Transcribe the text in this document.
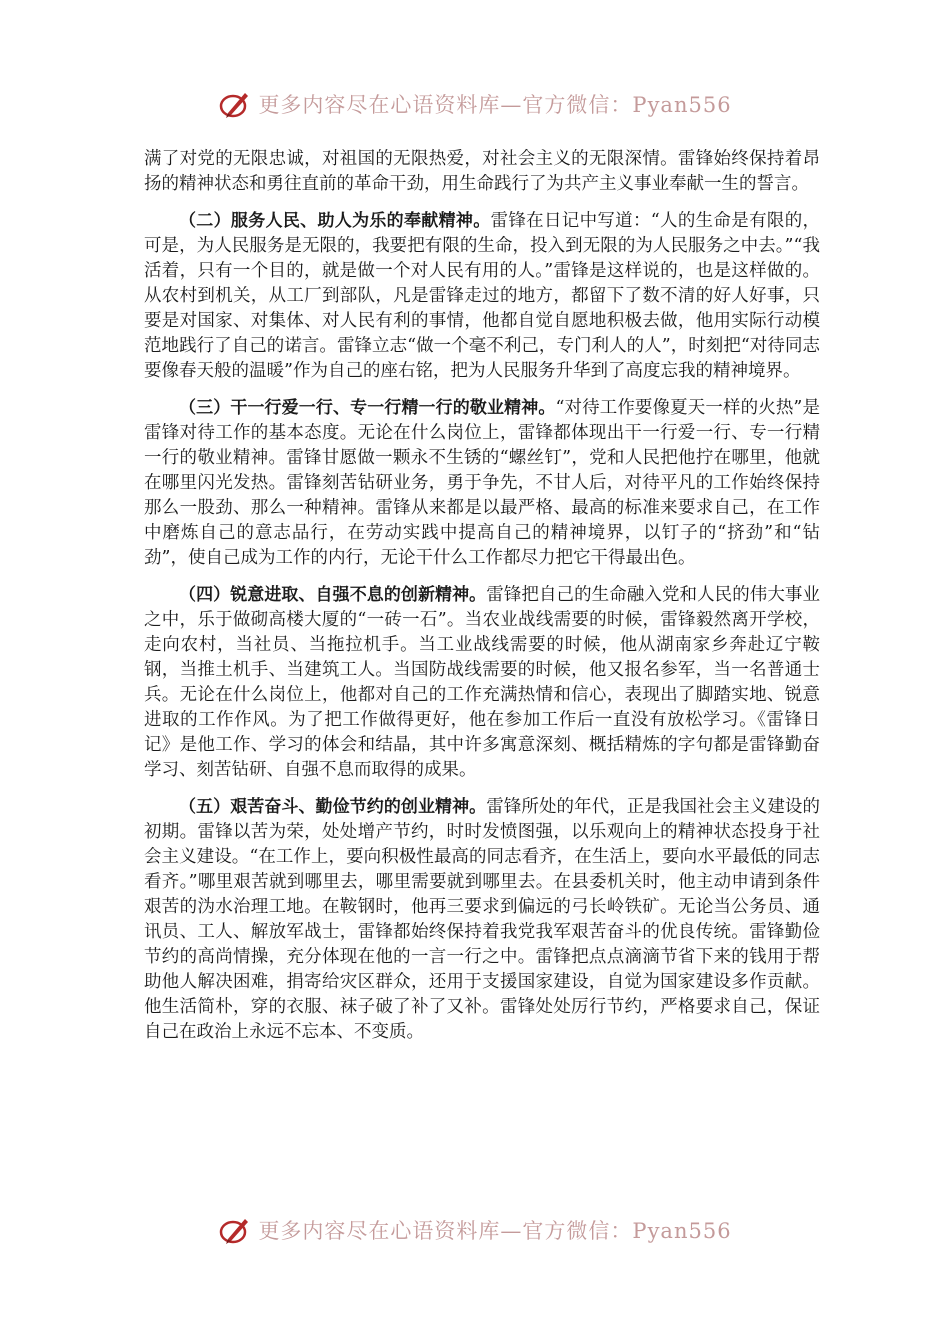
更多内容尽在心语资料库—官方微信：Pyan556

满了对党的无限忠诚，对祖国的无限热爱，对社会主义的无限深情。雷锋始终保持着昂扬的精神状态和勇往直前的革命干劲，用生命践行了为共产主义事业奉献一生的誓言。

（二）服务人民、助人为乐的奉献精神。雷锋在日记中写道：“人的生命是有限的，可是，为人民服务是无限的，我要把有限的生命，投入到无限的为人民服务之中去。”“我活着，只有一个目的，就是做一个对人民有用的人。”雷锋是这样说的，也是这样做的。从农村到机关，从工厂到部队，凡是雷锋走过的地方，都留下了数不清的好人好事，只要是对国家、对集体、对人民有利的事情，他都自觉自愿地积极去做，他用实际行动模范地践行了自己的诺言。雷锋立志“做一个毫不利己，专门利人的人”，时刻把“对待同志要像春天般的温暖”作为自己的座右铭，把为人民服务升华到了高度忘我的精神境界。

（三）干一行爱一行、专一行精一行的敬业精神。“对待工作要像夏天一样的火热”是雷锋对待工作的基本态度。无论在什么岗位上，雷锋都体现出干一行爱一行、专一行精一行的敬业精神。雷锋甘愿做一颗永不生锈的“螺丝钉”，党和人民把他拧在哪里，他就在哪里闪光发热。雷锋刻苦钻研业务，勇于争先，不甘人后，对待平凡的工作始终保持那么一股劲、那么一种精神。雷锋从来都是以最严格、最高的标准来要求自己，在工作中磨炼自己的意志品行，在劳动实践中提高自己的精神境界，以钉子的“挤劲”和“钻劲”，使自己成为工作的内行，无论干什么工作都尽力把它干得最出色。

（四）锐意进取、自强不息的创新精神。雷锋把自己的生命融入党和人民的伟大事业之中，乐于做砌高楼大厦的“一砖一石”。当农业战线需要的时候，雷锋毅然离开学校，走向农村，当社员、当拖拉机手。当工业战线需要的时候，他从湖南家乡奔赴辽宁鞍钢，当推土机手、当建筑工人。当国防战线需要的时候，他又报名参军，当一名普通士兵。无论在什么岗位上，他都对自己的工作充满热情和信心，表现出了脚踏实地、锐意进取的工作作风。为了把工作做得更好，他在参加工作后一直没有放松学习。《雷锋日记》是他工作、学习的体会和结晶，其中许多寓意深刻、概括精炼的字句都是雷锋勤奋学习、刻苦钻研、自强不息而取得的成果。

（五）艰苦奋斗、勤俭节约的创业精神。雷锋所处的年代，正是我国社会主义建设的初期。雷锋以苦为荣，处处增产节约，时时发愤图强，以乐观向上的精神状态投身于社会主义建设。“在工作上，要向积极性最高的同志看齐，在生活上，要向水平最低的同志看齐。”哪里艰苦就到哪里去，哪里需要就到哪里去。在县委机关时，他主动申请到条件艰苦的沩水治理工地。在鞍钢时，他再三要求到偏远的弓长岭铁矿。无论当公务员、通讯员、工人、解放军战士，雷锋都始终保持着我党我军艰苦奋斗的优良传统。雷锋勤俭节约的高尚情操，充分体现在他的一言一行之中。雷锋把点点滴滴节省下来的钱用于帮助他人解决困难，捐寄给灾区群众，还用于支援国家建设，自觉为国家建设多作贡献。他生活简朴，穿的衣服、袜子破了补了又补。雷锋处处厉行节约，严格要求自己，保证自己在政治上永远不忘本、不变质。

更多内容尽在心语资料库—官方微信：Pyan556
